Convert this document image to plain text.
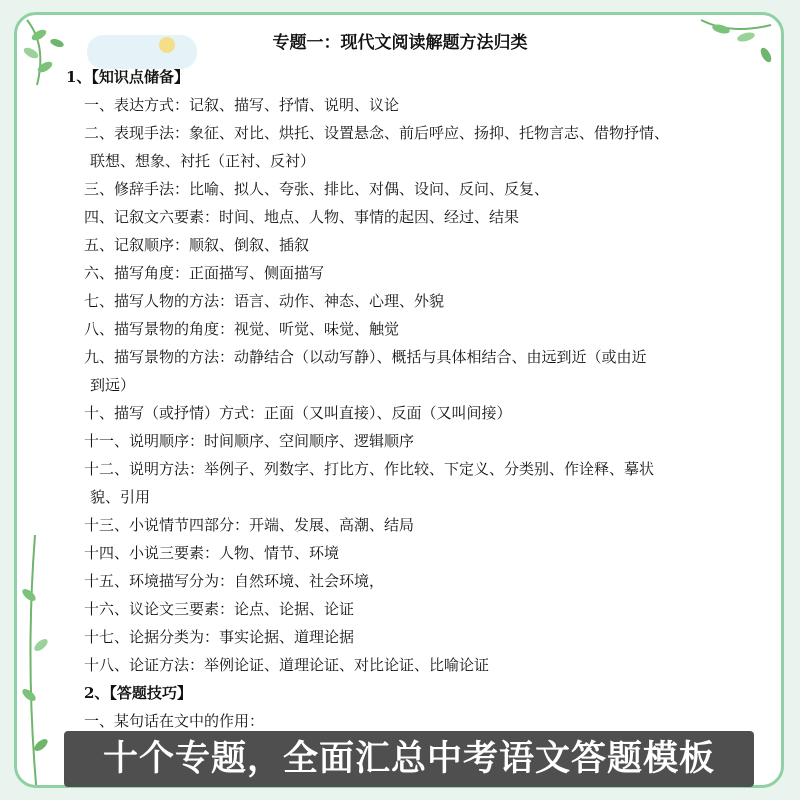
专题一：现代文阅读解题方法归类
1、【知识点储备】
一、表达方式：记叙、描写、抒情、说明、议论
二、表现手法：象征、对比、烘托、设置悬念、前后呼应、扬抑、托物言志、借物抒情、
联想、想象、衬托（正衬、反衬）
三、修辞手法：比喻、拟人、夸张、排比、对偶、设问、反问、反复、
四、记叙文六要素：时间、地点、人物、事情的起因、经过、结果
五、记叙顺序：顺叙、倒叙、插叙
六、描写角度：正面描写、侧面描写
七、描写人物的方法：语言、动作、神态、心理、外貌
八、描写景物的角度：视觉、听觉、味觉、触觉
九、描写景物的方法：动静结合（以动写静）、概括与具体相结合、由远到近（或由近
到远）
十、描写（或抒情）方式：正面（又叫直接）、反面（又叫间接）
十一、说明顺序：时间顺序、空间顺序、逻辑顺序
十二、说明方法：举例子、列数字、打比方、作比较、下定义、分类别、作诠释、摹状
貌、引用
十三、小说情节四部分：开端、发展、高潮、结局
十四、小说三要素：人物、情节、环境
十五、环境描写分为：自然环境、社会环境，
十六、议论文三要素：论点、论据、论证
十七、论据分类为：事实论据、道理论据
十八、论证方法：举例论证、道理论证、对比论证、比喻论证
2、【答题技巧】
一、某句话在文中的作用：
十个专题，全面汇总中考语文答题模板
